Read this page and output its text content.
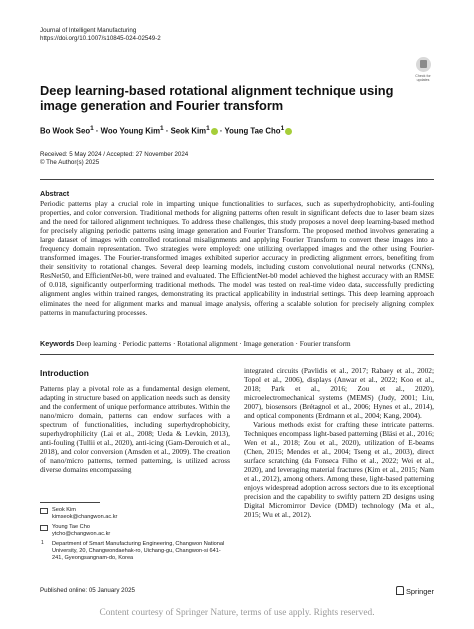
Journal of Intelligent Manufacturing
https://doi.org/10.1007/s10845-024-02549-2
Check for
updates
Deep learning-based rotational alignment technique using image generation and Fourier transform
Bo Wook Seo$^1$ · Woo Young Kim$^1$ · Seok Kim$^1$ · Young Tae Cho$^1$
Received: 5 May 2024 / Accepted: 27 November 2024
© The Author(s) 2025
Abstract
Periodic patterns play a crucial role in imparting unique functionalities to surfaces, such as superhydrophobicity, anti-fouling properties, and color conversion. Traditional methods for aligning patterns often result in significant defects due to laser beam sizes and the need for tailored alignment techniques. To address these challenges, this study proposes a novel deep learning-based method for precisely aligning periodic patterns using image generation and Fourier Transform. The proposed method involves generating a large dataset of images with controlled rotational misalignments and applying Fourier Transform to convert these images into a frequency domain representation. Two strategies were employed: one utilizing overlapped images and the other using Fourier-transformed images. The Fourier-transformed images exhibited superior accuracy in predicting alignment errors, benefiting from their sensitivity to rotational changes. Several deep learning models, including custom convolutional neural networks (CNNs), ResNet50, and EfficientNet-b0, were trained and evaluated. The EfficientNet-b0 model achieved the highest accuracy with an RMSE of 0.018, significantly outperforming traditional methods. The model was tested on real-time video data, successfully predicting alignment angles within trained ranges, demonstrating its practical applicability in industrial settings. This deep learning approach eliminates the need for alignment marks and manual image analysis, offering a scalable solution for precisely aligning complex patterns in manufacturing processes.
Keywords Deep learning · Periodic patterns · Rotational alignment · Image generation · Fourier transform
Introduction

Patterns play a pivotal role as a fundamental design element, adapting in structure based on application needs such as density and the conferment of unique performance attributes. Within the nano/micro domain, patterns can endow surfaces with a spectrum of functionalities, including superhydrophobicity, superhydrophilicity (Lai et al., 2008; Ueda & Levkin, 2013), anti-fouling (Tullii et al., 2020), anti-icing (Gam-Derouich et al., 2018), and color conversion (Amsden et al., 2009). The creation of nano/micro patterns, termed patterning, is utilized across diverse domains encompassing

integrated circuits (Pavlidis et al., 2017; Rabaey et al., 2002; Topol et al., 2006), displays (Anwar et al., 2022; Koo et al., 2018; Park et al., 2016; Zou et al., 2020), microelectromechanical systems (MEMS) (Judy, 2001; Liu, 2007), biosensors (Brétagnol et al., 2006; Hynes et al., 2014), and optical components (Erdmann et al., 2004; Kang, 2004).

Various methods exist for crafting these intricate patterns. Techniques encompass light-based patterning (Bläsi et al., 2016; Wen et al., 2018; Zou et al., 2020), utilization of E-beams (Chen, 2015; Mendes et al., 2004; Tseng et al., 2003), direct surface scratching (da Fonseca Filho et al., 2022; Wei et al., 2020), and leveraging material fractures (Kim et al., 2015; Nam et al., 2012), among others. Among these, light-based patterning enjoys widespread adoption across sectors due to its exceptional precision and the capability to swiftly pattern 2D designs using Digital Micromirror Device (DMD) technology (Ma et al., 2015; Wu et al., 2012).

Seok Kim
kimseok@changwon.ac.kr
Young Tae Cho
ytcho@changwon.ac.kr
1 Department of Smart Manufacturing Engineering, Changwon National University, 20, Changwondaehak-ro, Uichang-gu, Changwon-si 641-241, Gyeongsangnam-do, Korea
Published online: 05 January 2025	Springer
Content courtesy of Springer Nature, terms of use apply. Rights reserved.
